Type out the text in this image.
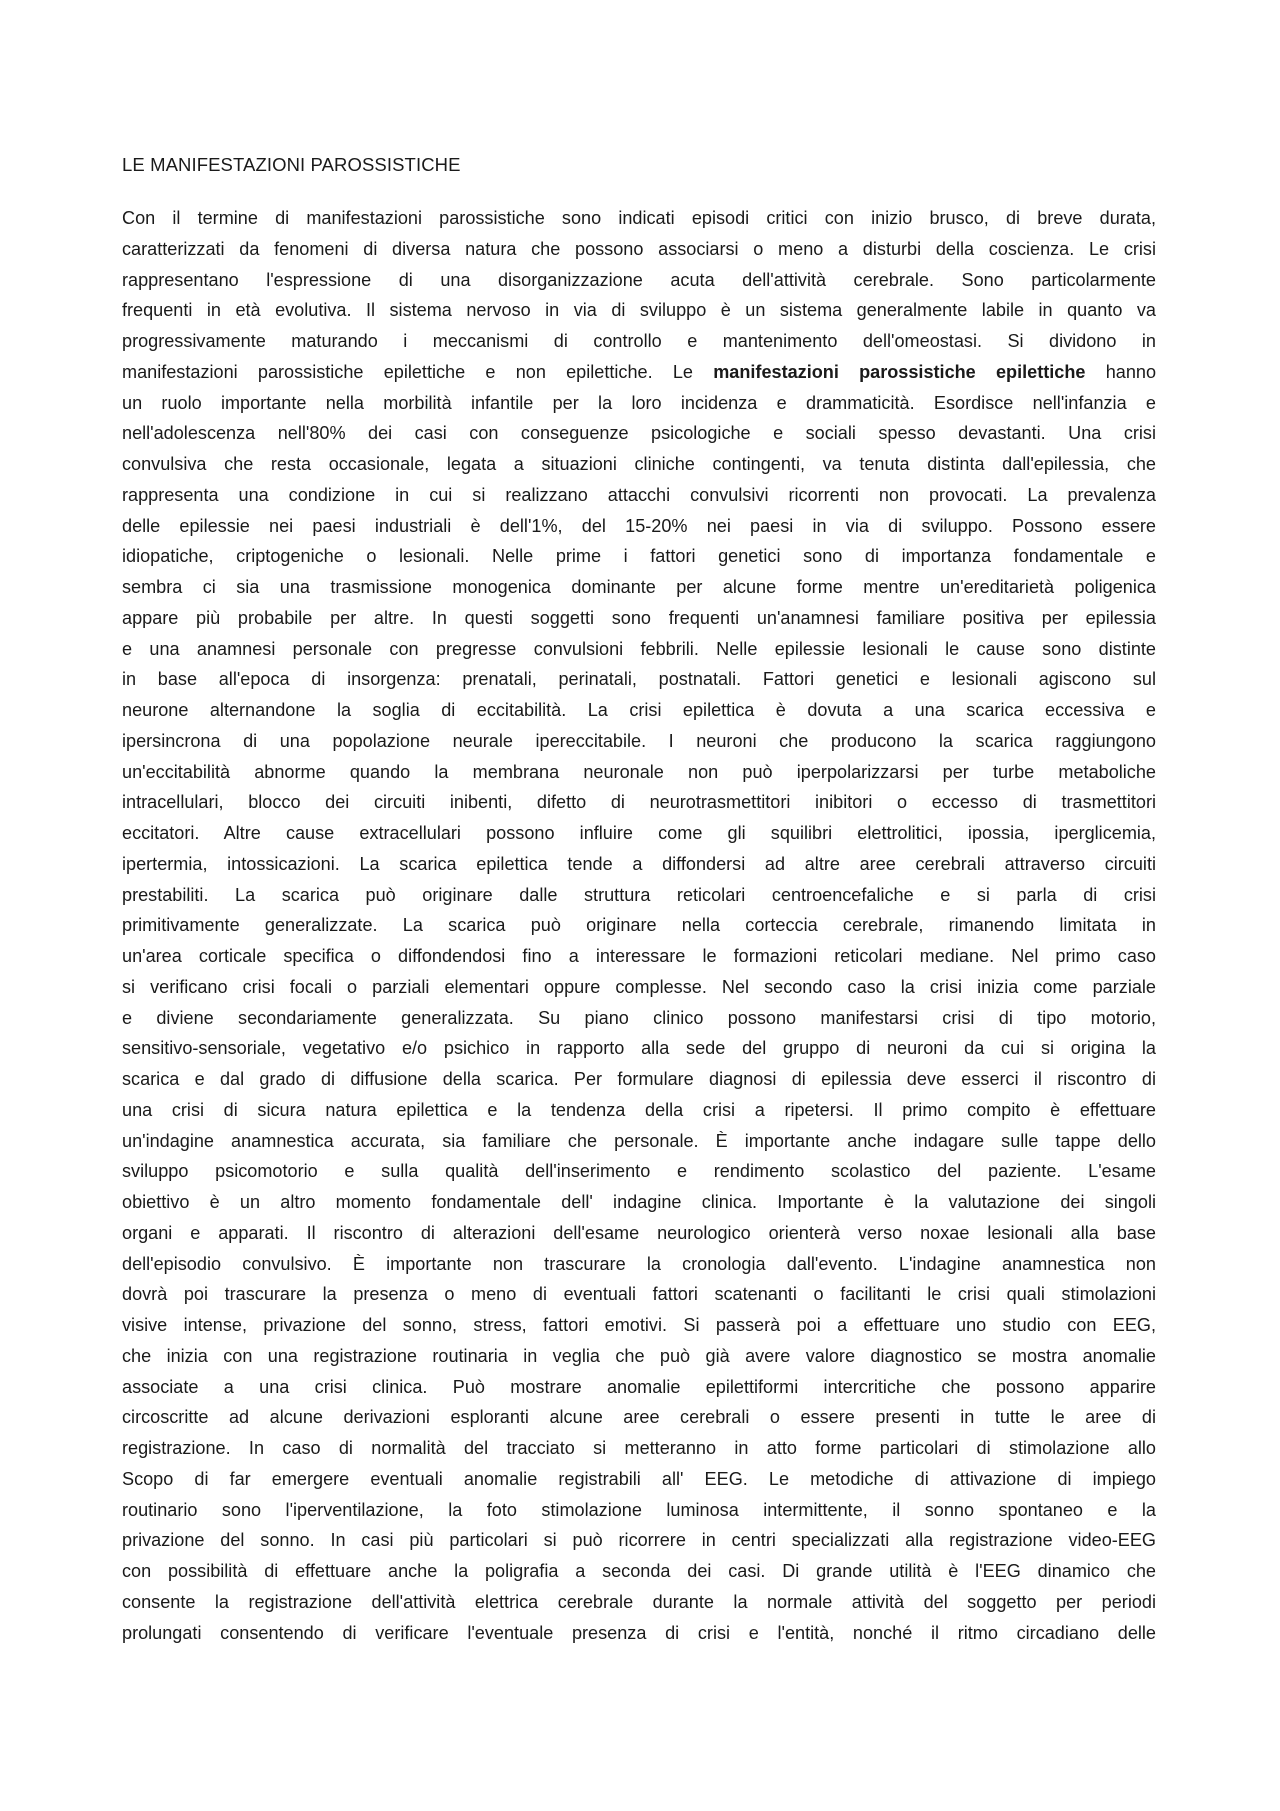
LE MANIFESTAZIONI PAROSSISTICHE
Con il termine di manifestazioni parossistiche sono indicati episodi critici con inizio brusco, di breve durata,
caratterizzati da fenomeni di diversa natura che possono associarsi o meno a disturbi della coscienza. Le crisi
rappresentano l'espressione di una disorganizzazione acuta dell'attività cerebrale. Sono particolarmente
frequenti in età evolutiva. Il sistema nervoso in via di sviluppo è un sistema generalmente labile in quanto va
progressivamente maturando i meccanismi di controllo e mantenimento dell'omeostasi. Si dividono in
manifestazioni parossistiche epilettiche e non epilettiche. Le manifestazioni parossistiche epilettiche hanno
un ruolo importante nella morbilità infantile per la loro incidenza e drammaticità. Esordisce nell'infanzia e
nell'adolescenza nell'80% dei casi con conseguenze psicologiche e sociali spesso devastanti. Una crisi
convulsiva che resta occasionale, legata a situazioni cliniche contingenti, va tenuta distinta dall'epilessia, che
rappresenta una condizione in cui si realizzano attacchi convulsivi ricorrenti non provocati. La prevalenza
delle epilessie nei paesi industriali è dell'1%, del 15-20% nei paesi in via di sviluppo. Possono essere
idiopatiche, criptogeniche o lesionali. Nelle prime i fattori genetici sono di importanza fondamentale e
sembra ci sia una trasmissione monogenica dominante per alcune forme mentre un'ereditarietà poligenica
appare più probabile per altre. In questi soggetti sono frequenti un'anamnesi familiare positiva per epilessia
e una anamnesi personale con pregresse convulsioni febbrili. Nelle epilessie lesionali le cause sono distinte
in base all'epoca di insorgenza: prenatali, perinatali, postnatali. Fattori genetici e lesionali agiscono sul
neurone alternandone la soglia di eccitabilità. La crisi epilettica è dovuta a una scarica eccessiva e
ipersincrona di una popolazione neurale ipereccitabile. I neuroni che producono la scarica raggiungono
un'eccitabilità abnorme quando la membrana neuronale non può iperpolarizzarsi per turbe metaboliche
intracellulari, blocco dei circuiti inibenti, difetto di neurotrasmettitori inibitori o eccesso di trasmettitori
eccitatori. Altre cause extracellulari possono influire come gli squilibri elettrolitici, ipossia, iperglicemia,
ipertermia, intossicazioni. La scarica epilettica tende a diffondersi ad altre aree cerebrali attraverso circuiti
prestabiliti. La scarica può originare dalle struttura reticolari centroencefaliche e si parla di crisi
primitivamente generalizzate. La scarica può originare nella corteccia cerebrale, rimanendo limitata in
un'area corticale specifica o diffondendosi fino a interessare le formazioni reticolari mediane. Nel primo caso
si verificano crisi focali o parziali elementari oppure complesse. Nel secondo caso la crisi inizia come parziale
e diviene secondariamente generalizzata. Su piano clinico possono manifestarsi crisi di tipo motorio,
sensitivo-sensoriale, vegetativo e/o psichico in rapporto alla sede del gruppo di neuroni da cui si origina la
scarica e dal grado di diffusione della scarica. Per formulare diagnosi di epilessia deve esserci il riscontro di
una crisi di sicura natura epilettica e la tendenza della crisi a ripetersi. Il primo compito è effettuare
un'indagine anamnestica accurata, sia familiare che personale. È importante anche indagare sulle tappe dello
sviluppo psicomotorio e sulla qualità dell'inserimento e rendimento scolastico del paziente. L'esame
obiettivo è un altro momento fondamentale dell' indagine clinica. Importante è la valutazione dei singoli
organi e apparati. Il riscontro di alterazioni dell'esame neurologico orienterà verso noxae lesionali alla base
dell'episodio convulsivo. È importante non trascurare la cronologia dall'evento. L'indagine anamnestica non
dovrà poi trascurare la presenza o meno di eventuali fattori scatenanti o facilitanti le crisi quali stimolazioni
visive intense, privazione del sonno, stress, fattori emotivi. Si passerà poi a effettuare uno studio con EEG,
che inizia con una registrazione routinaria in veglia che può già avere valore diagnostico se mostra anomalie
associate a una crisi clinica. Può mostrare anomalie epilettiformi intercritiche che possono apparire
circoscritte ad alcune derivazioni esploranti alcune aree cerebrali o essere presenti in tutte le aree di
registrazione. In caso di normalità del tracciato si metteranno in atto forme particolari di stimolazione allo
Scopo di far emergere eventuali anomalie registrabili all' EEG. Le metodiche di attivazione di impiego
routinario sono l'iperventilazione, la foto stimolazione luminosa intermittente, il sonno spontaneo e la
privazione del sonno. In casi più particolari si può ricorrere in centri specializzati alla registrazione video-EEG
con possibilità di effettuare anche la poligrafia a seconda dei casi. Di grande utilità è l'EEG dinamico che
consente la registrazione dell'attività elettrica cerebrale durante la normale attività del soggetto per periodi
prolungati consentendo di verificare l'eventuale presenza di crisi e l'entità, nonché il ritmo circadiano delle
